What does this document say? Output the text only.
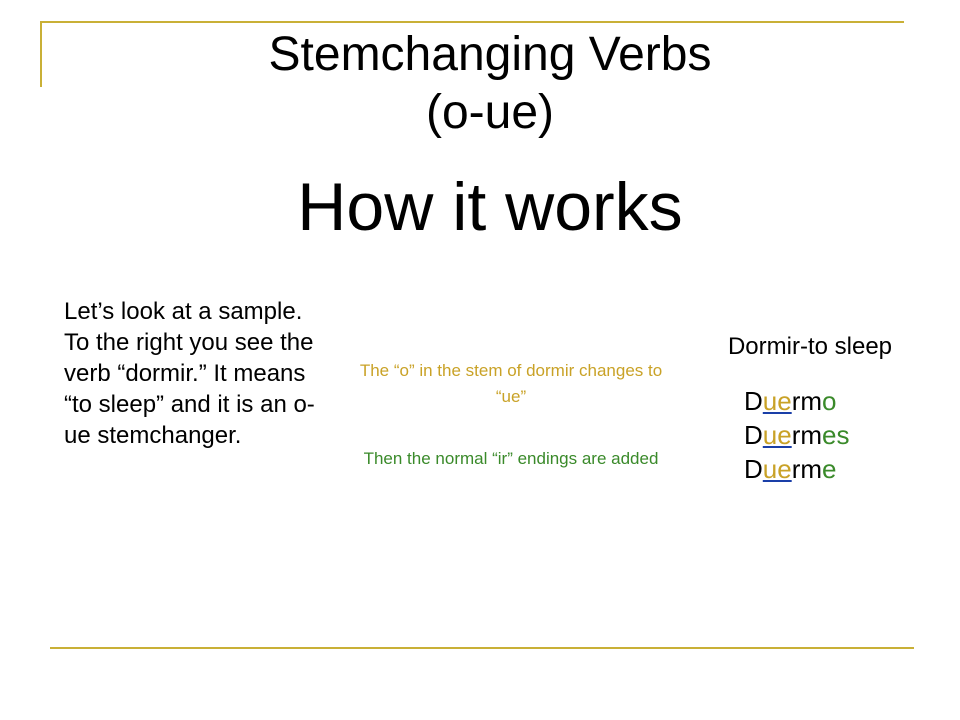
Stemchanging Verbs
(o-ue)
How it works
Let’s look at a sample. To the right you see the verb “dormir.” It means “to sleep” and it is an o-ue stemchanger.
The “o” in the stem of dormir changes to “ue”
Then the normal “ir” endings are added
Dormir-to sleep
Duermo
Duermes
Duerme
